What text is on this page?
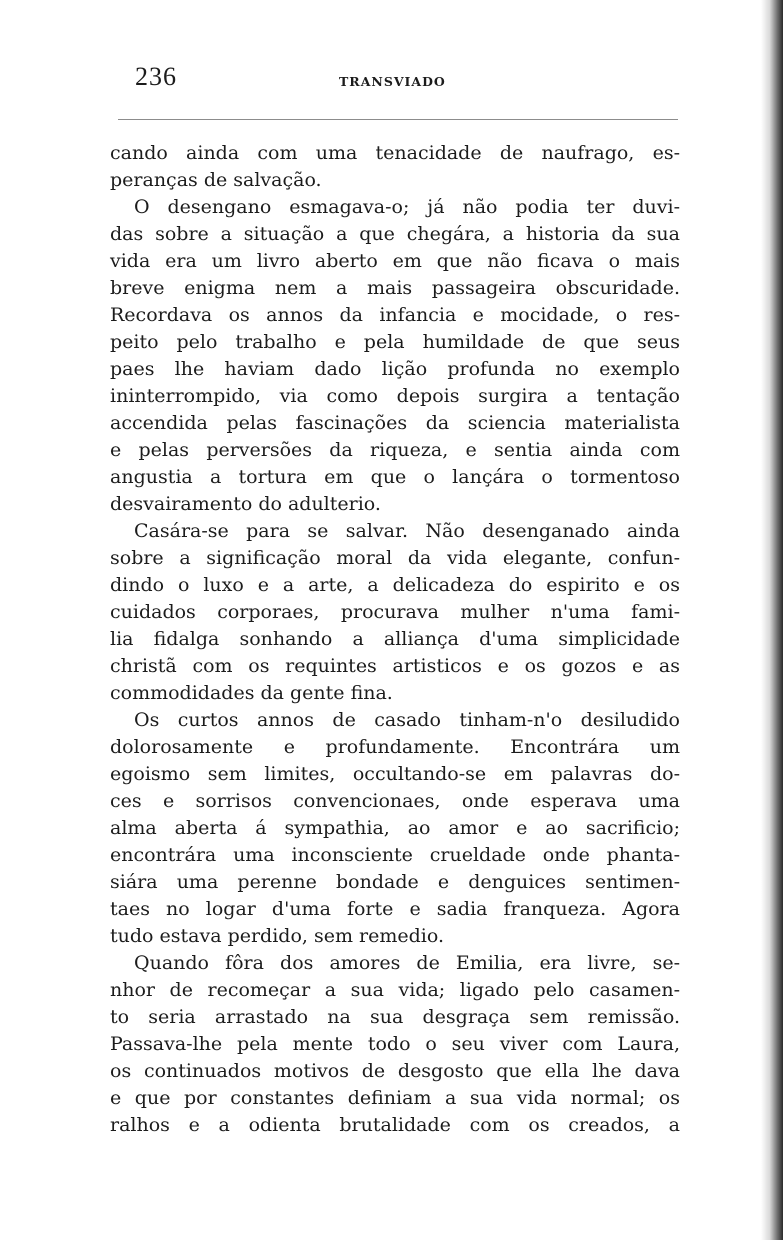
236	TRANSVIADO
cando ainda com uma tenacidade de naufrago, es-
peranças de salvação.
O desengano esmagava-o; já não podia ter duvi-
das sobre a situação a que chegára, a historia da sua
vida era um livro aberto em que não ficava o mais
breve enigma nem a mais passageira obscuridade.
Recordava os annos da infancia e mocidade, o res-
peito pelo trabalho e pela humildade de que seus
paes lhe haviam dado lição profunda no exemplo
ininterrompido, via como depois surgira a tentação
accendida pelas fascinações da sciencia materialista
e pelas perversões da riqueza, e sentia ainda com
angustia a tortura em que o lançára o tormentoso
desvairamento do adulterio.
Casára-se para se salvar. Não desenganado ainda
sobre a significação moral da vida elegante, confun-
dindo o luxo e a arte, a delicadeza do espirito e os
cuidados corporaes, procurava mulher n'uma fami-
lia fidalga sonhando a alliança d'uma simplicidade
christã com os requintes artisticos e os gozos e as
commodidades da gente fina.
Os curtos annos de casado tinham-n'o desiludido
dolorosamente e profundamente. Encontrára um
egoismo sem limites, occultando-se em palavras do-
ces e sorrisos convencionaes, onde esperava uma
alma aberta á sympathia, ao amor e ao sacrificio;
encontrára uma inconsciente crueldade onde phanta-
siára uma perenne bondade e denguices sentimen-
taes no logar d'uma forte e sadia franqueza. Agora
tudo estava perdido, sem remedio.
Quando fôra dos amores de Emilia, era livre, se-
nhor de recomeçar a sua vida; ligado pelo casamen-
to seria arrastado na sua desgraça sem remissão.
Passava-lhe pela mente todo o seu viver com Laura,
os continuados motivos de desgosto que ella lhe dava
e que por constantes definiam a sua vida normal; os
ralhos e a odienta brutalidade com os creados, a
